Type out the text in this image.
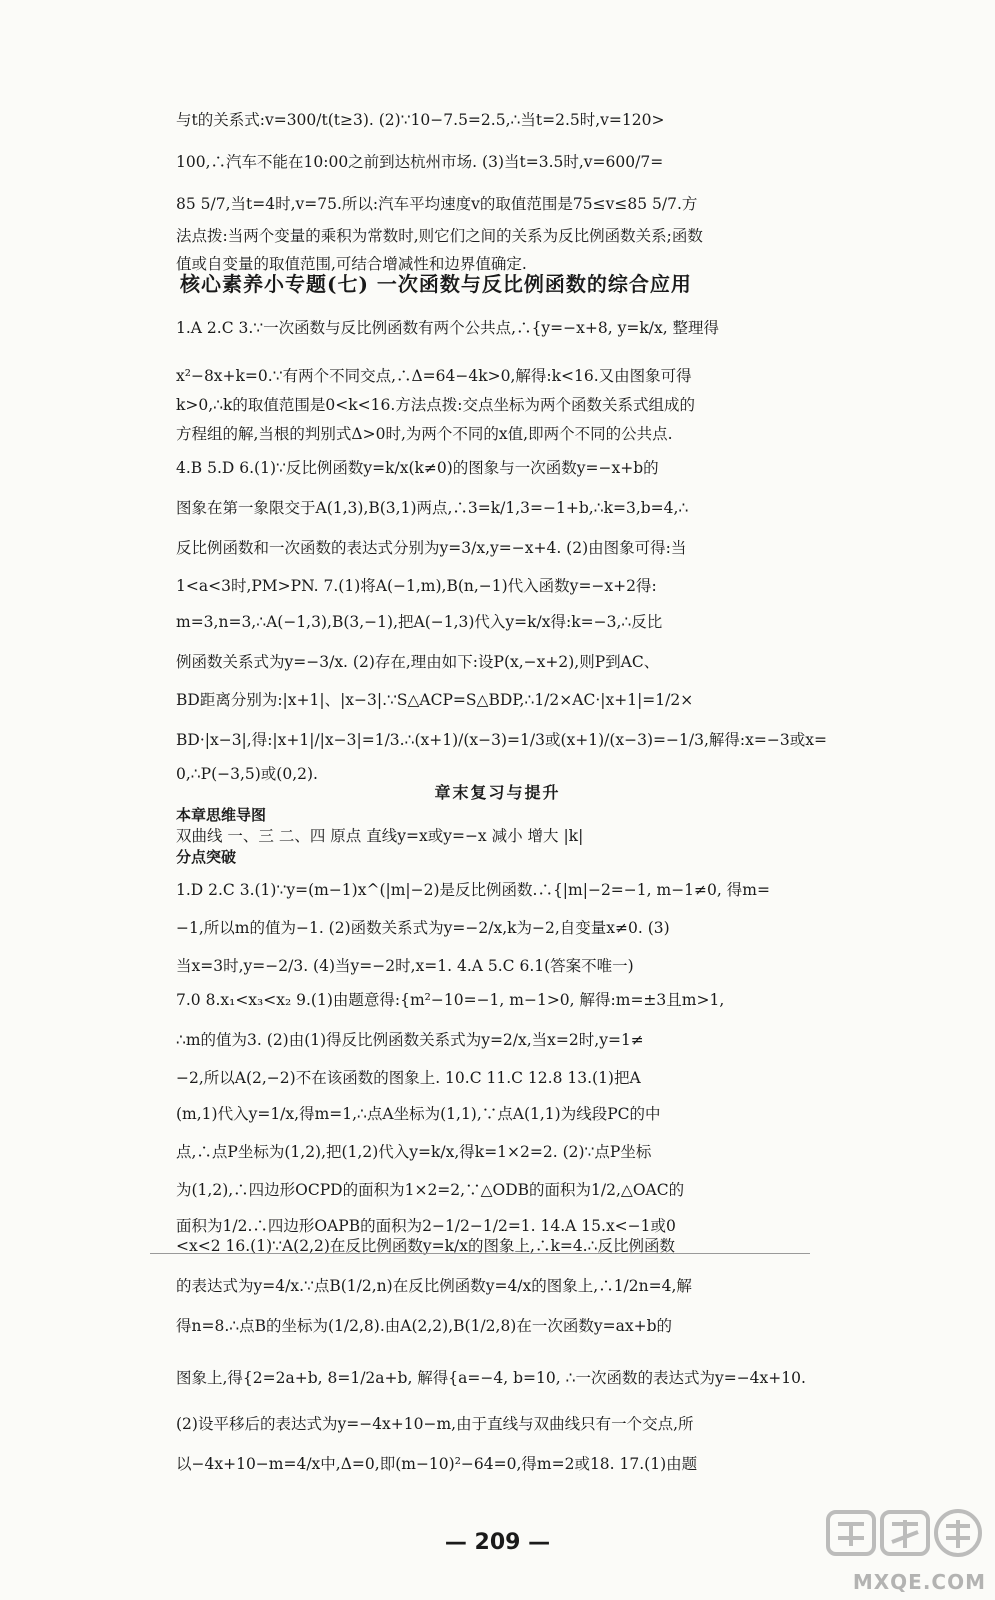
与t的关系式:v=300/t(t≥3). (2)∵10−7.5=2.5,∴当t=2.5时,v=120>
100,∴汽车不能在10:00之前到达杭州市场. (3)当t=3.5时,v=600/7=
85 5/7,当t=4时,v=75.所以:汽车平均速度v的取值范围是75≤v≤85 5/7.方
法点拨:当两个变量的乘积为常数时,则它们之间的关系为反比例函数关系;函数
值或自变量的取值范围,可结合增减性和边界值确定.
核心素养小专题(七) 一次函数与反比例函数的综合应用
1.A 2.C 3.∵一次函数与反比例函数有两个公共点,∴{y=−x+8, y=k/x, 整理得
x²−8x+k=0.∵有两个不同交点,∴Δ=64−4k>0,解得:k<16.又由图象可得
k>0,∴k的取值范围是0<k<16.方法点拨:交点坐标为两个函数关系式组成的
方程组的解,当根的判别式Δ>0时,为两个不同的x值,即两个不同的公共点.
4.B 5.D 6.(1)∵反比例函数y=k/x(k≠0)的图象与一次函数y=−x+b的
图象在第一象限交于A(1,3),B(3,1)两点,∴3=k/1,3=−1+b,∴k=3,b=4,∴
反比例函数和一次函数的表达式分别为y=3/x,y=−x+4. (2)由图象可得:当
1<a<3时,PM>PN. 7.(1)将A(−1,m),B(n,−1)代入函数y=−x+2得:
m=3,n=3,∴A(−1,3),B(3,−1),把A(−1,3)代入y=k/x得:k=−3,∴反比
例函数关系式为y=−3/x. (2)存在,理由如下:设P(x,−x+2),则P到AC、
BD距离分别为:|x+1|、|x−3|.∵S△ACP=S△BDP,∴1/2×AC·|x+1|=1/2×
BD·|x−3|,得:|x+1|/|x−3|=1/3.∴(x+1)/(x−3)=1/3或(x+1)/(x−3)=−1/3,解得:x=−3或x=
0,∴P(−3,5)或(0,2).
章末复习与提升
本章思维导图
双曲线 一、三 二、四 原点 直线y=x或y=−x 减小 增大 |k|
分点突破
1.D 2.C 3.(1)∵y=(m−1)x^(|m|−2)是反比例函数.∴{|m|−2=−1, m−1≠0, 得m=
−1,所以m的值为−1. (2)函数关系式为y=−2/x,k为−2,自变量x≠0. (3)
当x=3时,y=−2/3. (4)当y=−2时,x=1. 4.A 5.C 6.1(答案不唯一)
7.0 8.x₁<x₃<x₂ 9.(1)由题意得:{m²−10=−1, m−1>0, 解得:m=±3且m>1,
∴m的值为3. (2)由(1)得反比例函数关系式为y=2/x,当x=2时,y=1≠
−2,所以A(2,−2)不在该函数的图象上. 10.C 11.C 12.8 13.(1)把A
(m,1)代入y=1/x,得m=1,∴点A坐标为(1,1),∵点A(1,1)为线段PC的中
点,∴点P坐标为(1,2),把(1,2)代入y=k/x,得k=1×2=2. (2)∵点P坐标
为(1,2),∴四边形OCPD的面积为1×2=2,∵△ODB的面积为1/2,△OAC的
面积为1/2.∴四边形OAPB的面积为2−1/2−1/2=1. 14.A 15.x<−1或0
<x<2 16.(1)∵A(2,2)在反比例函数y=k/x的图象上,∴k=4.∴反比例函数
的表达式为y=4/x.∵点B(1/2,n)在反比例函数y=4/x的图象上,∴1/2n=4,解
得n=8.∴点B的坐标为(1/2,8).由A(2,2),B(1/2,8)在一次函数y=ax+b的
图象上,得{2=2a+b, 8=1/2a+b, 解得{a=−4, b=10, ∴一次函数的表达式为y=−4x+10.
(2)设平移后的表达式为y=−4x+10−m,由于直线与双曲线只有一个交点,所
以−4x+10−m=4/x中,Δ=0,即(m−10)²−64=0,得m=2或18. 17.(1)由题
— 209 —
MXQE.COM
